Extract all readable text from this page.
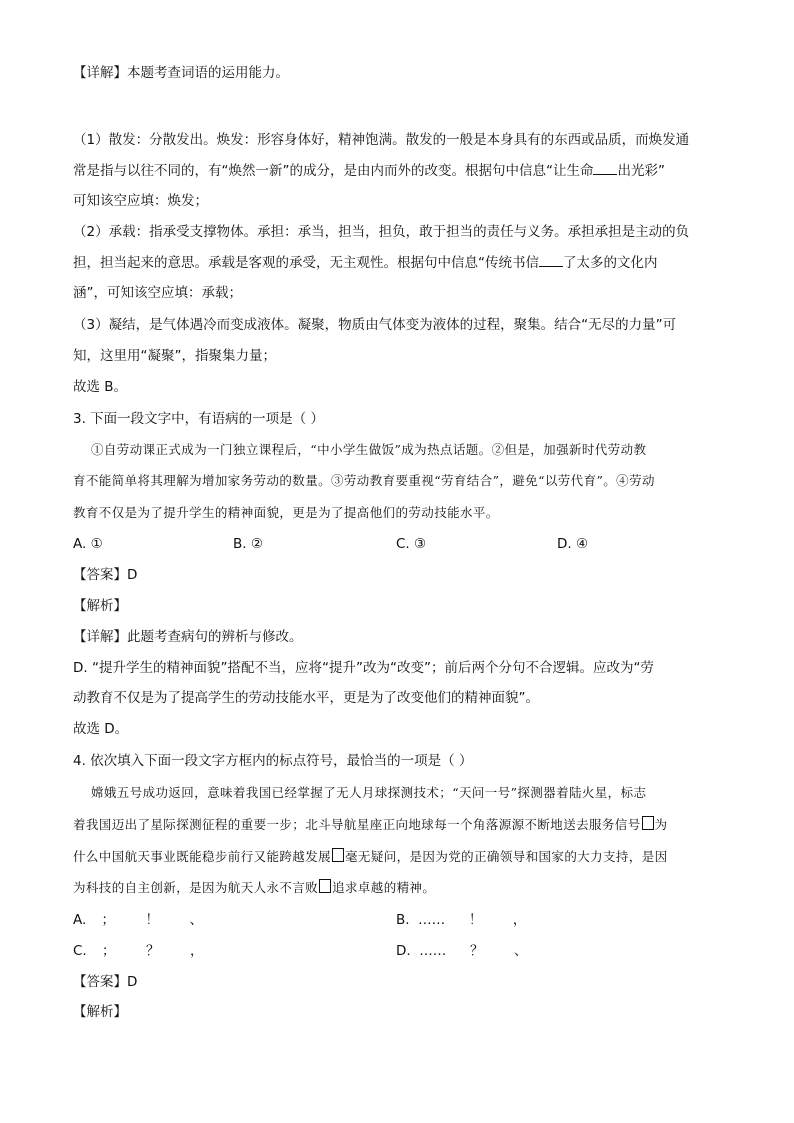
【详解】本题考查词语的运用能力。
（1）散发：分散发出。焕发：形容身体好，精神饱满。散发的一般是本身具有的东西或品质，而焕发通
常是指与以往不同的，有“焕然一新”的成分，是由内而外的改变。根据句中信息“让生命 出光彩”
可知该空应填：焕发；
（2）承载：指承受支撑物体。承担：承当，担当，担负，敢于担当的责任与义务。承担承担是主动的负
担，担当起来的意思。承载是客观的承受，无主观性。根据句中信息“传统书信 了太多的文化内
涵”，可知该空应填：承载；
（3）凝结，是气体遇冷而变成液体。凝聚，物质由气体变为液体的过程，聚集。结合“无尽的力量”可
知，这里用“凝聚”，指聚集力量；
故选 B。
3. 下面一段文字中，有语病的一项是（ ）
①自劳动课正式成为一门独立课程后，“中小学生做饭”成为热点话题。②但是，加强新时代劳动教
育不能简单将其理解为增加家务劳动的数量。③劳动教育要重视“劳育结合”，避免“以劳代育”。④劳动
教育不仅是为了提升学生的精神面貌，更是为了提高他们的劳动技能水平。
A. ①	B. ②	C. ③	D. ④
【答案】D
【解析】
【详解】此题考查病句的辨析与修改。
D. “提升学生的精神面貌”搭配不当，应将“提升”改为“改变”；前后两个分句不合逻辑。应改为“劳
动教育不仅是为了提高学生的劳动技能水平，更是为了改变他们的精神面貌”。
故选 D。
4. 依次填入下面一段文字方框内的标点符号，最恰当的一项是（ ）
嫦娥五号成功返回，意味着我国已经掌握了无人月球探测技术；“天问一号”探测器着陆火星，标志
着我国迈出了星际探测征程的重要一步；北斗导航星座正向地球每一个角落源源不断地送去服务信号 为
什么中国航天事业既能稳步前行又能跨越发展 毫无疑问，是因为党的正确领导和国家的大力支持，是因
为科技的自主创新，是因为航天人永不言败 追求卓越的精神。
A. ； ！ 、	B. …… ！ ，
C. ； ？ ，	D. …… ？ 、
【答案】D
【解析】
